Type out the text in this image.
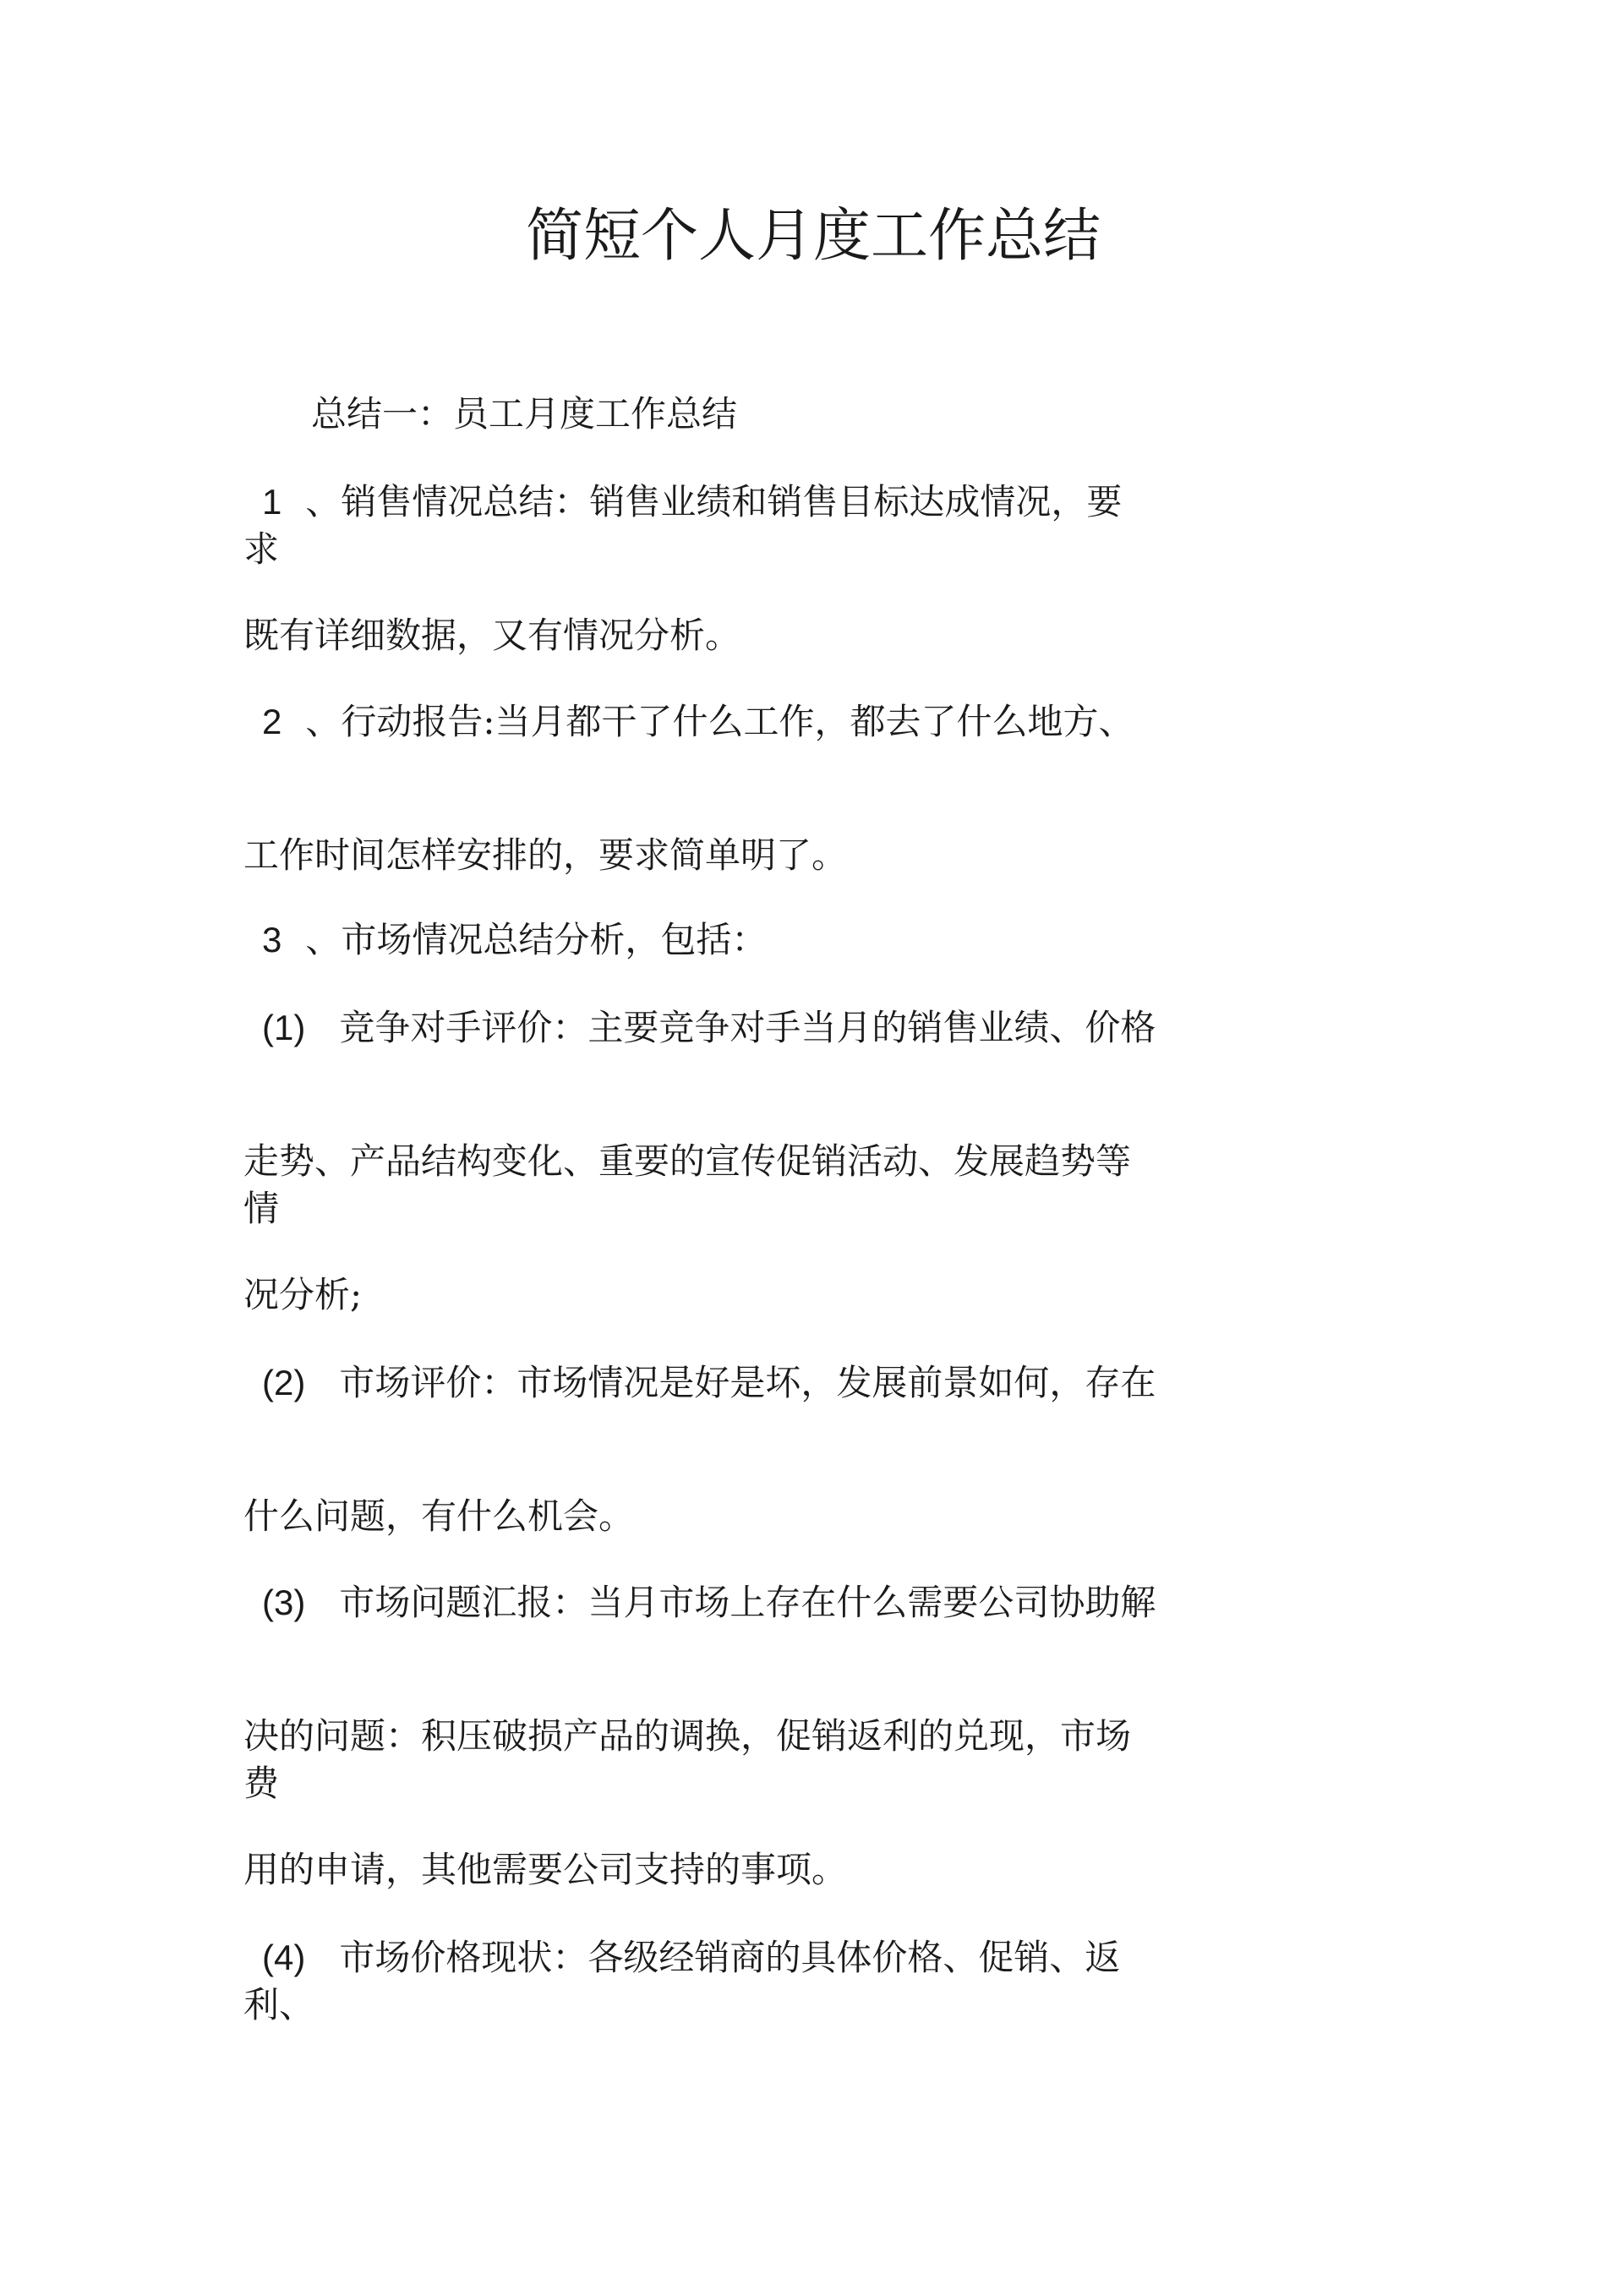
简短个人月度工作总结

总结一：员工月度工作总结

1 、销售情况总结：销售业绩和销售目标达成情况，要求

既有详细数据，又有情况分析。

2 、行动报告:当月都干了什么工作，都去了什么地方、

工作时间怎样安排的，要求简单明了。

3 、市场情况总结分析，包括：

(1) 竞争对手评价：主要竞争对手当月的销售业绩、价格

走势、产品结构变化、重要的宣传促销活动、发展趋势等情

况分析;

(2) 市场评价：市场情况是好是坏，发展前景如何，存在

什么问题，有什么机会。

(3) 市场问题汇报：当月市场上存在什么需要公司协助解

决的问题：积压破损产品的调换，促销返利的兑现，市场费

用的申请，其他需要公司支持的事项。

(4) 市场价格现状：各级经销商的具体价格、促销、返利、
